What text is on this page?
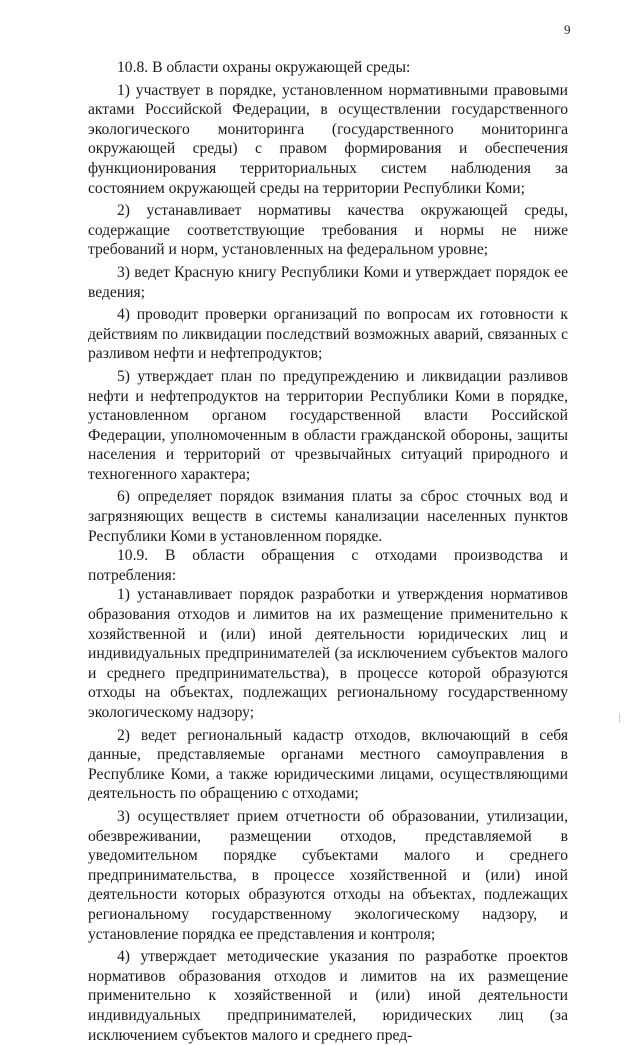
9

10.8. В области охраны окружающей среды:

1) участвует в порядке, установленном нормативными правовыми актами Российской Федерации, в осуществлении государственного экологического мониторинга (государственного мониторинга окружающей среды) с правом формирования и обеспечения функционирования территориальных систем наблюдения за состоянием окружающей среды на территории Республики Коми;

2) устанавливает нормативы качества окружающей среды, содержащие соответствующие требования и нормы не ниже требований и норм, установленных на федеральном уровне;

3) ведет Красную книгу Республики Коми и утверждает порядок ее ведения;

4) проводит проверки организаций по вопросам их готовности к действиям по ликвидации последствий возможных аварий, связанных с разливом нефти и нефтепродуктов;

5) утверждает план по предупреждению и ликвидации разливов нефти и нефтепродуктов на территории Республики Коми в порядке, установленном органом государственной власти Российской Федерации, уполномоченным в области гражданской обороны, защиты населения и территорий от чрезвычайных ситуаций природного и техногенного характера;

6) определяет порядок взимания платы за сброс сточных вод и загрязняющих веществ в системы канализации населенных пунктов Республики Коми в установленном порядке.

10.9. В области обращения с отходами производства и потребления:

1) устанавливает порядок разработки и утверждения нормативов образования отходов и лимитов на их размещение применительно к хозяйственной и (или) иной деятельности юридических лиц и индивидуальных предпринимателей (за исключением субъектов малого и среднего предпринимательства), в процессе которой образуются отходы на объектах, подлежащих региональному государственному экологическому надзору;

2) ведет региональный кадастр отходов, включающий в себя данные, представляемые органами местного самоуправления в Республике Коми, а также юридическими лицами, осуществляющими деятельность по обращению с отходами;

3) осуществляет прием отчетности об образовании, утилизации, обезвреживании, размещении отходов, представляемой в уведомительном порядке субъектами малого и среднего предпринимательства, в процессе хозяйственной и (или) иной деятельности которых образуются отходы на объектах, подлежащих региональному государственному экологическому надзору, и установление порядка ее представления и контроля;

4) утверждает методические указания по разработке проектов нормативов образования отходов и лимитов на их размещение применительно к хозяйственной и (или) иной деятельности индивидуальных предпринимателей, юридических лиц (за исключением субъектов малого и среднего пред-
